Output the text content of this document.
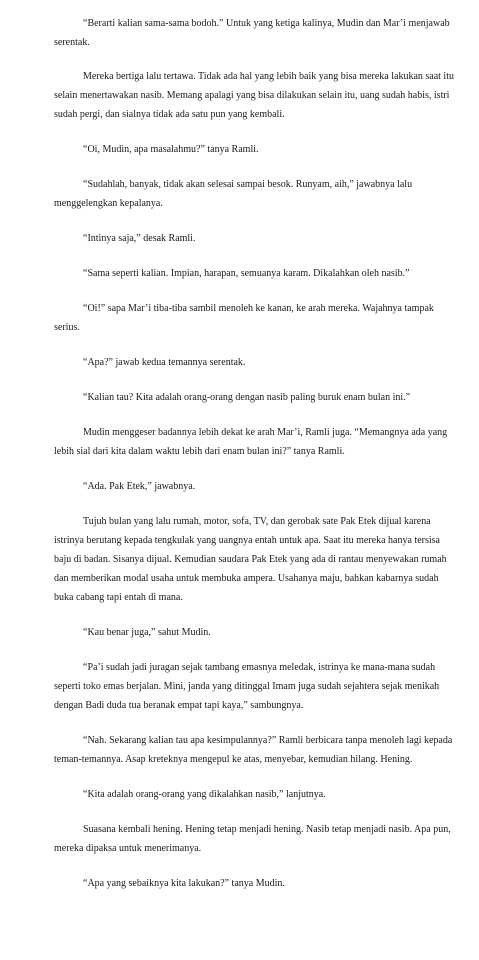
“Berarti kalian sama-sama bodoh.” Untuk yang ketiga kalinya, Mudin dan Mar’i menjawab serentak.

Mereka bertiga lalu tertawa. Tidak ada hal yang lebih baik yang bisa mereka lakukan saat itu selain menertawakan nasib. Memang apalagi yang bisa dilakukan selain itu, uang sudah habis, istri sudah pergi, dan sialnya tidak ada satu pun yang kembali.

“Oi, Mudin, apa masalahmu?” tanya Ramli.

“Sudahlah, banyak, tidak akan selesai sampai besok. Runyam, aih,” jawabnya lalu menggelengkan kepalanya.

“Intinya saja,” desak Ramli.

“Sama seperti kalian. Impian, harapan, semuanya karam. Dikalahkan oleh nasib.”

“Oi!” sapa Mar’i tiba-tiba sambil menoleh ke kanan, ke arah mereka. Wajahnya tampak serius.

“Apa?” jawab kedua temannya serentak.

“Kalian tau? Kita adalah orang-orang dengan nasib paling buruk enam bulan ini.”

Mudin menggeser badannya lebih dekat ke arah Mar’i, Ramli juga. “Memangnya ada yang lebih sial dari kita dalam waktu lebih dari enam bulan ini?” tanya Ramli.

“Ada. Pak Etek,” jawabnya.

Tujuh bulan yang lalu rumah, motor, sofa, TV, dan gerobak sate Pak Etek dijual karena istrinya berutang kepada tengkulak yang uangnya entah untuk apa. Saat itu mereka hanya tersisa baju di badan. Sisanya dijual. Kemudian saudara Pak Etek yang ada di rantau menyewakan rumah dan memberikan modal usaha untuk membuka ampera. Usahanya maju, bahkan kabarnya sudah buka cabang tapi entah di mana.

“Kau benar juga,” sahut Mudin.

“Pa’i sudah jadi juragan sejak tambang emasnya meledak, istrinya ke mana-mana sudah seperti toko emas berjalan. Mini, janda yang ditinggal Imam juga sudah sejahtera sejak menikah dengan Badi duda tua beranak empat tapi kaya,” sambungnya.

“Nah. Sekarang kalian tau apa kesimpulannya?” Ramli berbicara tanpa menoleh lagi kepada teman-temannya. Asap kreteknya mengepul ke atas, menyebar, kemudian hilang. Hening.

“Kita adalah orang-orang yang dikalahkan nasib,” lanjutnya.

Suasana kembali hening. Hening tetap menjadi hening. Nasib tetap menjadi nasib. Apa pun, mereka dipaksa untuk menerimanya.

“Apa yang sebaiknya kita lakukan?” tanya Mudin.
